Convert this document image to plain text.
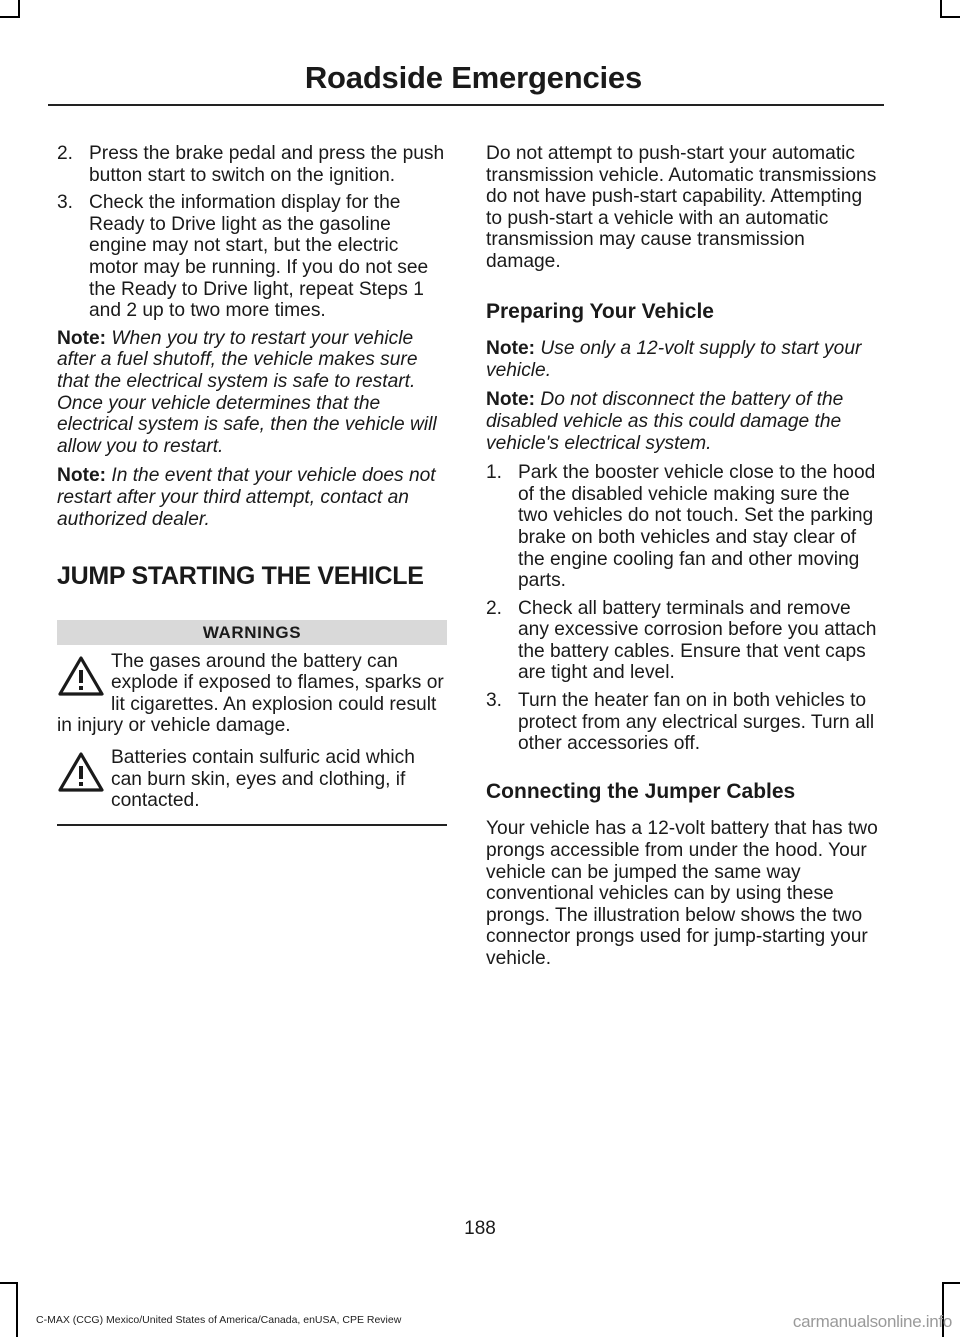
Roadside Emergencies
2. Press the brake pedal and press the push button start to switch on the ignition.
3. Check the information display for the Ready to Drive light as the gasoline engine may not start, but the electric motor may be running. If you do not see the Ready to Drive light, repeat Steps 1 and 2 up to two more times.

Note: When you try to restart your vehicle after a fuel shutoff, the vehicle makes sure that the electrical system is safe to restart. Once your vehicle determines that the electrical system is safe, then the vehicle will allow you to restart.

Note: In the event that your vehicle does not restart after your third attempt, contact an authorized dealer.

JUMP STARTING THE VEHICLE
WARNINGS
The gases around the battery can explode if exposed to flames, sparks or lit cigarettes. An explosion could result in injury or vehicle damage.
Batteries contain sulfuric acid which can burn skin, eyes and clothing, if contacted.

Do not attempt to push-start your automatic transmission vehicle. Automatic transmissions do not have push-start capability. Attempting to push-start a vehicle with an automatic transmission may cause transmission damage.

Preparing Your Vehicle

Note: Use only a 12-volt supply to start your vehicle.

Note: Do not disconnect the battery of the disabled vehicle as this could damage the vehicle's electrical system.

1. Park the booster vehicle close to the hood of the disabled vehicle making sure the two vehicles do not touch. Set the parking brake on both vehicles and stay clear of the engine cooling fan and other moving parts.
2. Check all battery terminals and remove any excessive corrosion before you attach the battery cables. Ensure that vent caps are tight and level.
3. Turn the heater fan on in both vehicles to protect from any electrical surges. Turn all other accessories off.
Connecting the Jumper Cables

Your vehicle has a 12-volt battery that has two prongs accessible from under the hood. Your vehicle can be jumped the same way conventional vehicles can by using these prongs. The illustration below shows the two connector prongs used for jump-starting your vehicle.

188
C-MAX (CCG) Mexico/United States of America/Canada, enUSA, CPE Review	carmanualsonline.info
